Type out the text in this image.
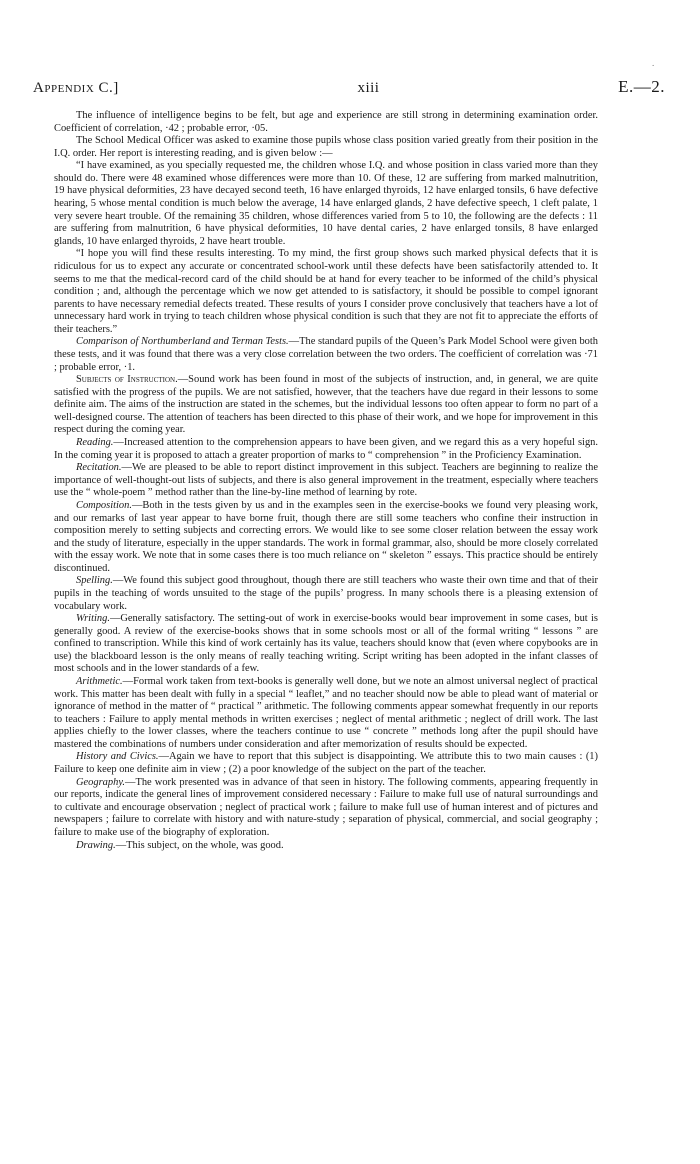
.
Appendix C.]	xiii	E.—2.

The influence of intelligence begins to be felt, but age and experience are still strong in determining examination order. Coefficient of correlation, ·42 ; probable error, ·05.

The School Medical Officer was asked to examine those pupils whose class position varied greatly from their position in the I.Q. order. Her report is interesting reading, and is given below :—

“I have examined, as you specially requested me, the children whose I.Q. and whose position in class varied more than they should do. There were 48 examined whose differences were more than 10. Of these, 12 are suffering from marked malnutrition, 19 have physical deformities, 23 have decayed second teeth, 16 have enlarged thyroids, 12 have enlarged tonsils, 6 have defective hearing, 5 whose mental condition is much below the average, 14 have enlarged glands, 2 have defective speech, 1 cleft palate, 1 very severe heart trouble. Of the remaining 35 children, whose differences varied from 5 to 10, the following are the defects : 11 are suffering from malnutrition, 6 have physical deformities, 10 have dental caries, 2 have enlarged tonsils, 8 have enlarged glands, 10 have enlarged thyroids, 2 have heart trouble.

“I hope you will find these results interesting. To my mind, the first group shows such marked physical defects that it is ridiculous for us to expect any accurate or concentrated school-work until these defects have been satisfactorily attended to. It seems to me that the medical-record card of the child should be at hand for every teacher to be informed of the child’s physical condition ; and, although the percentage which we now get attended to is satisfactory, it should be possible to compel ignorant parents to have necessary remedial defects treated. These results of yours I consider prove conclusively that teachers have a lot of unnecessary hard work in trying to teach children whose physical condition is such that they are not fit to appreciate the efforts of their teachers.”

Comparison of Northumberland and Terman Tests.—The standard pupils of the Queen’s Park Model School were given both these tests, and it was found that there was a very close correlation between the two orders. The coefficient of correlation was ·71 ; probable error, ·1.

Subjects of Instruction.—Sound work has been found in most of the subjects of instruction, and, in general, we are quite satisfied with the progress of the pupils. We are not satisfied, however, that the teachers have due regard in their lessons to some definite aim. The aims of the instruction are stated in the schemes, but the individual lessons too often appear to form no part of a well-designed course. The attention of teachers has been directed to this phase of their work, and we hope for improvement in this respect during the coming year.

Reading.—Increased attention to the comprehension appears to have been given, and we regard this as a very hopeful sign. In the coming year it is proposed to attach a greater proportion of marks to “ comprehension ” in the Proficiency Examination.

Recitation.—We are pleased to be able to report distinct improvement in this subject. Teachers are beginning to realize the importance of well-thought-out lists of subjects, and there is also general improvement in the treatment, especially where teachers use the “ whole-poem ” method rather than the line-by-line method of learning by rote.

Composition.—Both in the tests given by us and in the examples seen in the exercise-books we found very pleasing work, and our remarks of last year appear to have borne fruit, though there are still some teachers who confine their instruction in composition merely to setting subjects and correcting errors. We would like to see some closer relation between the essay work and the study of literature, especially in the upper standards. The work in formal grammar, also, should be more closely correlated with the essay work. We note that in some cases there is too much reliance on “ skeleton ” essays. This practice should be entirely discontinued.

Spelling.—We found this subject good throughout, though there are still teachers who waste their own time and that of their pupils in the teaching of words unsuited to the stage of the pupils’ progress. In many schools there is a pleasing extension of vocabulary work.

Writing.—Generally satisfactory. The setting-out of work in exercise-books would bear improvement in some cases, but is generally good. A review of the exercise-books shows that in some schools most or all of the formal writing “ lessons ” are confined to transcription. While this kind of work certainly has its value, teachers should know that (even where copybooks are in use) the blackboard lesson is the only means of really teaching writing. Script writing has been adopted in the infant classes of most schools and in the lower standards of a few.

Arithmetic.—Formal work taken from text-books is generally well done, but we note an almost universal neglect of practical work. This matter has been dealt with fully in a special “ leaflet,” and no teacher should now be able to plead want of material or ignorance of method in the matter of “ practical ” arithmetic. The following comments appear somewhat frequently in our reports to teachers : Failure to apply mental methods in written exercises ; neglect of mental arithmetic ; neglect of drill work. The last applies chiefly to the lower classes, where the teachers continue to use “ concrete ” methods long after the pupil should have mastered the combinations of numbers under consideration and after memorization of results should be expected.

History and Civics.—Again we have to report that this subject is disappointing. We attribute this to two main causes : (1) Failure to keep one definite aim in view ; (2) a poor knowledge of the subject on the part of the teacher.

Geography.—The work presented was in advance of that seen in history. The following comments, appearing frequently in our reports, indicate the general lines of improvement considered necessary : Failure to make full use of natural surroundings and to cultivate and encourage observation ; neglect of practical work ; failure to make full use of human interest and of pictures and newspapers ; failure to correlate with history and with nature-study ; separation of physical, commercial, and social geography ; failure to make use of the biography of exploration.

Drawing.—This subject, on the whole, was good.
